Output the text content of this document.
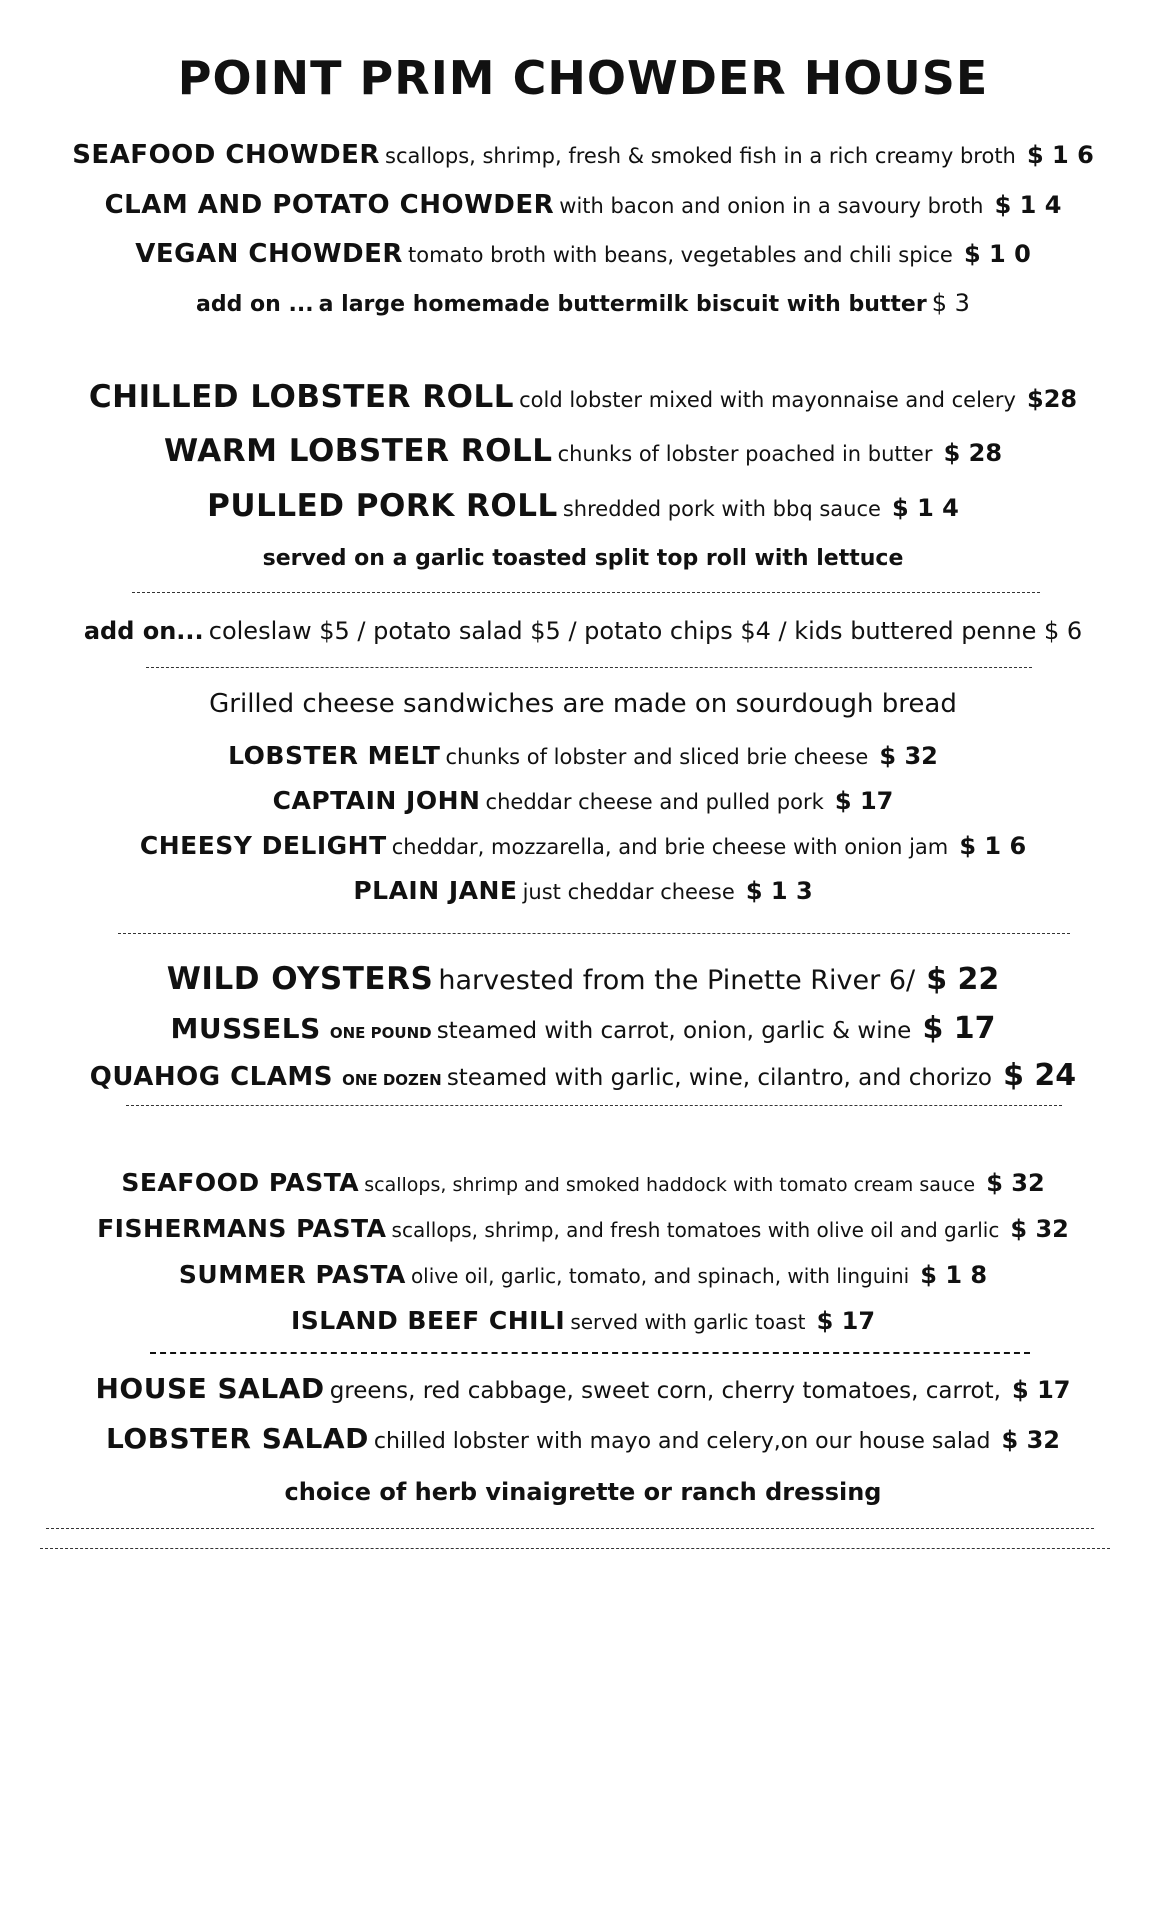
POINT PRIM CHOWDER HOUSE
SEAFOOD CHOWDER scallops, shrimp, fresh & smoked fish in a rich creamy broth $ 1 6
CLAM AND POTATO CHOWDER with bacon and onion in a savoury broth $ 1 4
VEGAN CHOWDER tomato broth with beans, vegetables and chili spice $ 1 0
add on ... a large homemade buttermilk biscuit with butter $ 3
CHILLED LOBSTER ROLL cold lobster mixed with mayonnaise and celery $28
WARM LOBSTER ROLL chunks of lobster poached in butter $ 28
PULLED PORK ROLL shredded pork with bbq sauce $ 1 4
served on a garlic toasted split top roll with lettuce
add on... coleslaw $5 / potato salad $5 / potato chips $4 / kids buttered penne $ 6
Grilled cheese sandwiches are made on sourdough bread
LOBSTER MELT chunks of lobster and sliced brie cheese $ 32
CAPTAIN JOHN cheddar cheese and pulled pork $ 17
CHEESY DELIGHT cheddar, mozzarella, and brie cheese with onion jam $ 1 6
PLAIN JANE just cheddar cheese $ 1 3
WILD OYSTERS harvested from the Pinette River 6/ $ 22
MUSSELS ONE POUND steamed with carrot, onion, garlic & wine $ 17
QUAHOG CLAMS ONE DOZEN steamed with garlic, wine, cilantro, and chorizo $ 24
SEAFOOD PASTA scallops, shrimp and smoked haddock with tomato cream sauce $ 32
FISHERMANS PASTA scallops, shrimp, and fresh tomatoes with olive oil and garlic $ 32
SUMMER PASTA olive oil, garlic, tomato, and spinach, with linguini $ 1 8
ISLAND BEEF CHILI served with garlic toast $ 17
HOUSE SALAD greens, red cabbage, sweet corn, cherry tomatoes, carrot, $ 17
LOBSTER SALAD chilled lobster with mayo and celery,on our house salad $ 32
choice of herb vinaigrette or ranch dressing
